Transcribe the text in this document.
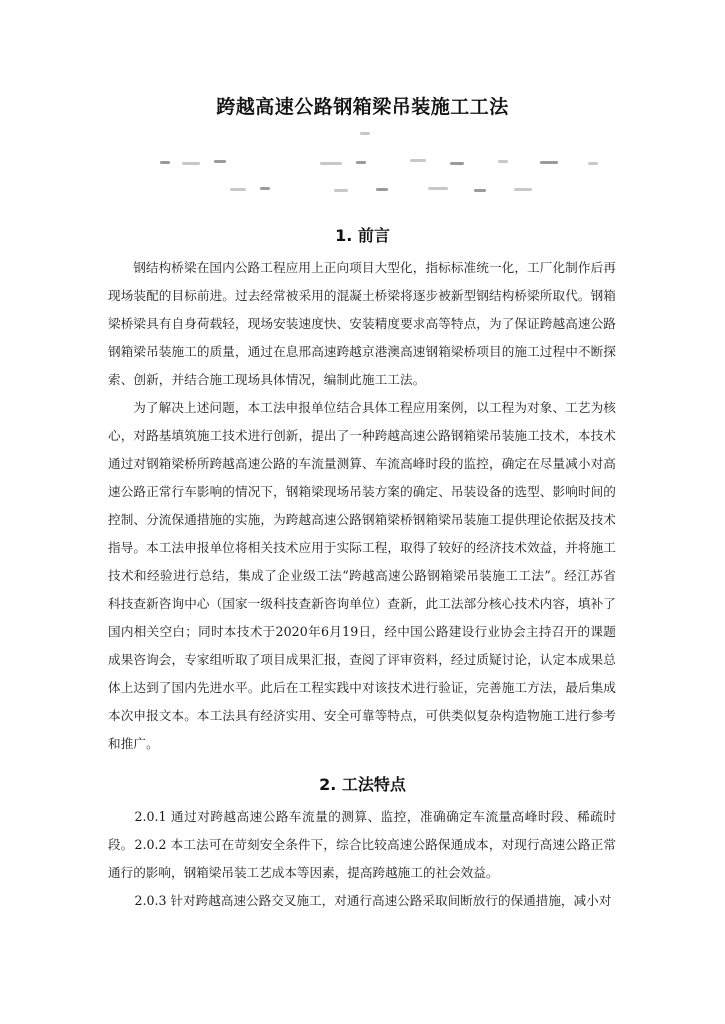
跨越高速公路钢箱梁吊装施工工法
1. 前言

钢结构桥梁在国内公路工程应用上正向项目大型化，指标标准统一化，工厂化制作后再现场装配的目标前进。过去经常被采用的混凝土桥梁将逐步被新型钢结构桥梁所取代。钢箱梁桥梁具有自身荷载轻，现场安装速度快、安装精度要求高等特点，为了保证跨越高速公路钢箱梁吊装施工的质量，通过在息邢高速跨越京港澳高速钢箱梁桥项目的施工过程中不断探索、创新，并结合施工现场具体情况，编制此施工工法。

为了解决上述问题，本工法申报单位结合具体工程应用案例，以工程为对象、工艺为核心，对路基填筑施工技术进行创新，提出了一种跨越高速公路钢箱梁吊装施工技术，本技术通过对钢箱梁桥所跨越高速公路的车流量测算、车流高峰时段的监控，确定在尽量减小对高速公路正常行车影响的情况下，钢箱梁现场吊装方案的确定、吊装设备的选型、影响时间的控制、分流保通措施的实施，为跨越高速公路钢箱梁桥钢箱梁吊装施工提供理论依据及技术指导。本工法申报单位将相关技术应用于实际工程，取得了较好的经济技术效益，并将施工技术和经验进行总结，集成了企业级工法“跨越高速公路钢箱梁吊装施工工法”。经江苏省科技查新咨询中心（国家一级科技查新咨询单位）查新，此工法部分核心技术内容，填补了国内相关空白；同时本技术于2020年6月19日，经中国公路建设行业协会主持召开的课题成果咨询会，专家组听取了项目成果汇报，查阅了评审资料，经过质疑讨论，认定本成果总体上达到了国内先进水平。此后在工程实践中对该技术进行验证，完善施工方法，最后集成本次申报文本。本工法具有经济实用、安全可靠等特点，可供类似复杂构造物施工进行参考和推广。

2. 工法特点

2.0.1 通过对跨越高速公路车流量的测算、监控，准确确定车流量高峰时段、稀疏时段。 2.0.2 本工法可在苛刻安全条件下，综合比较高速公路保通成本，对现行高速公路正常通行的影响，钢箱梁吊装工艺成本等因素，提高跨越施工的社会效益。

2.0.3 针对跨越高速公路交叉施工，对通行高速公路采取间断放行的保通措施，减小对
